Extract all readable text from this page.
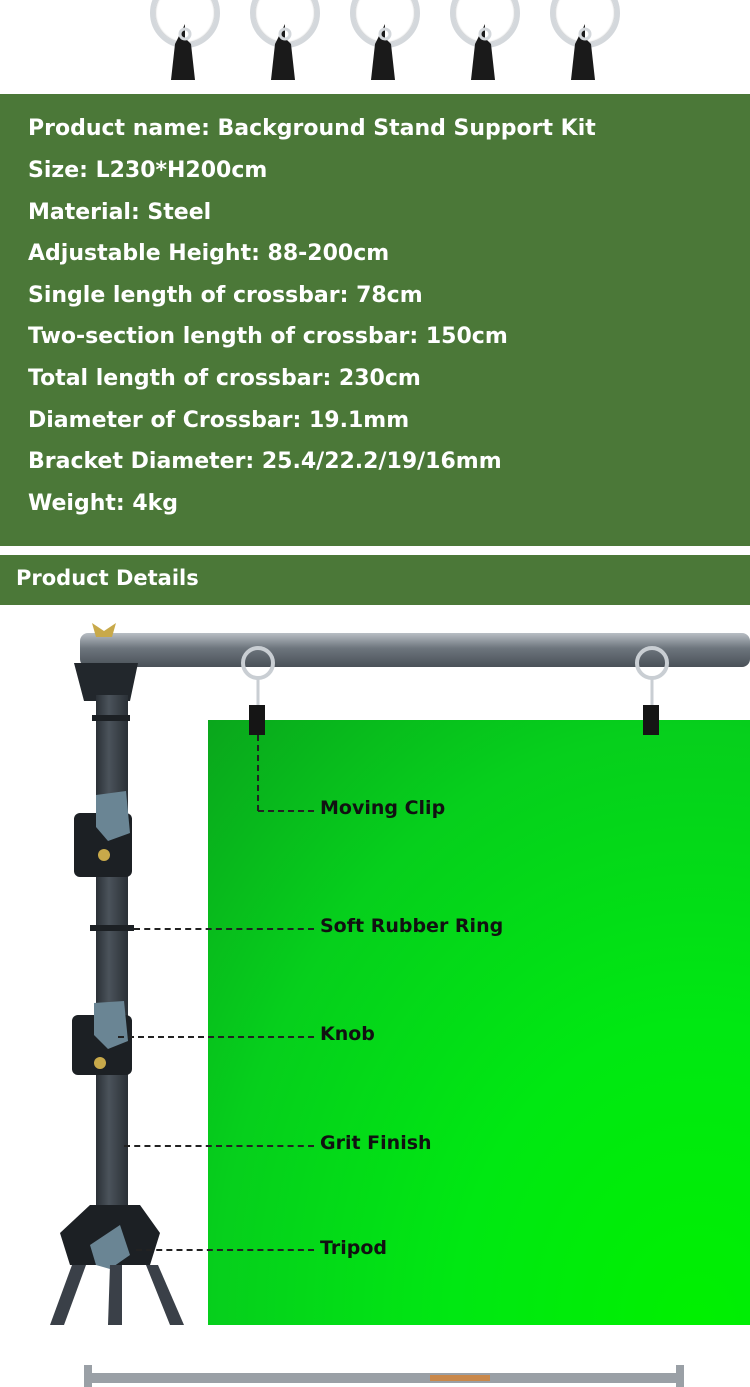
Product name: Background Stand Support Kit
Size: L230*H200cm
Material: Steel
Adjustable Height: 88-200cm
Single length of crossbar: 78cm
Two-section length of crossbar: 150cm
Total length of crossbar: 230cm
Diameter of Crossbar: 19.1mm
Bracket Diameter: 25.4/22.2/19/16mm
Weight: 4kg
Product Details
Moving Clip
Soft Rubber Ring
Knob
Grit Finish
Tripod
